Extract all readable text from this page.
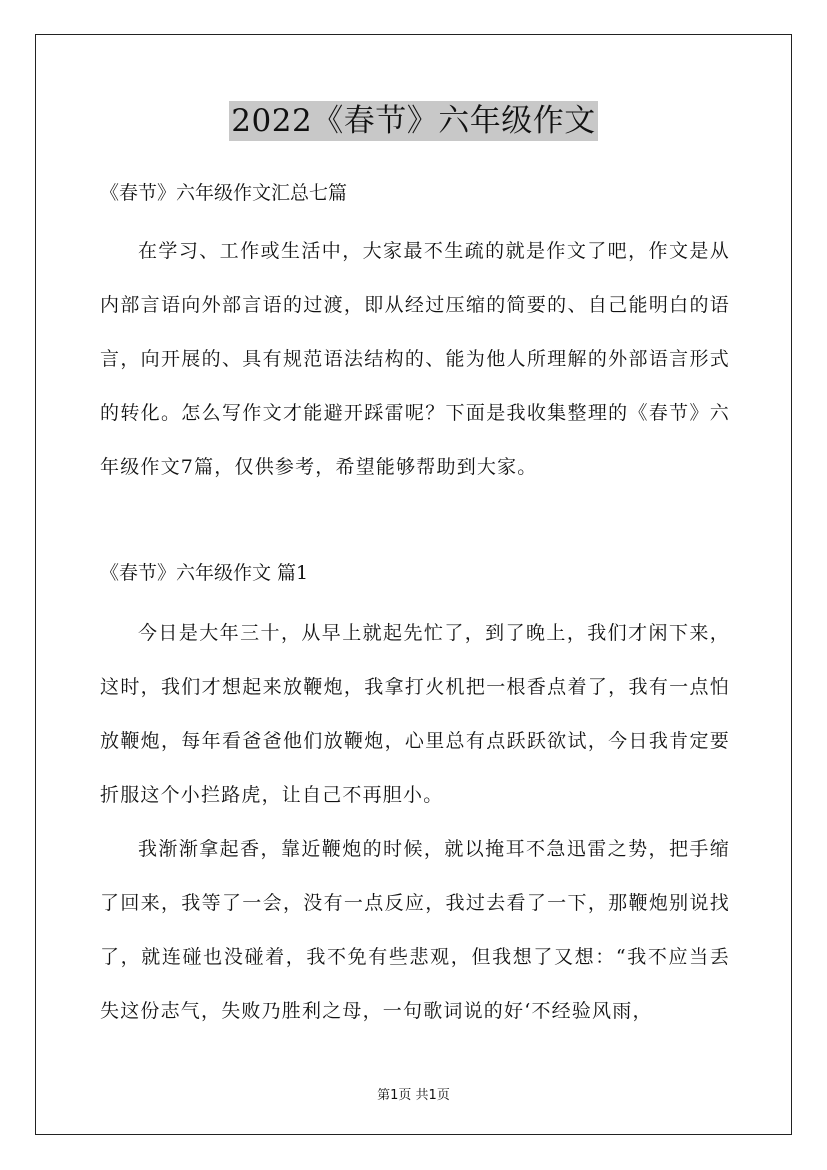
2022《春节》六年级作文

《春节》六年级作文汇总七篇

在学习、工作或生活中，大家最不生疏的就是作文了吧，作文是从内部言语向外部言语的过渡，即从经过压缩的简要的、自己能明白的语言，向开展的、具有规范语法结构的、能为他人所理解的外部语言形式的转化。怎么写作文才能避开踩雷呢？下面是我收集整理的《春节》六年级作文7篇，仅供参考，希望能够帮助到大家。

《春节》六年级作文 篇1

今日是大年三十，从早上就起先忙了，到了晚上，我们才闲下来，这时，我们才想起来放鞭炮，我拿打火机把一根香点着了，我有一点怕放鞭炮，每年看爸爸他们放鞭炮，心里总有点跃跃欲试，今日我肯定要折服这个小拦路虎，让自己不再胆小。

我渐渐拿起香，靠近鞭炮的时候，就以掩耳不急迅雷之势，把手缩了回来，我等了一会，没有一点反应，我过去看了一下，那鞭炮别说找了，就连碰也没碰着，我不免有些悲观，但我想了又想：“我不应当丢失这份志气，失败乃胜利之母，一句歌词说的好‘不经验风雨，

第1页 共1页
